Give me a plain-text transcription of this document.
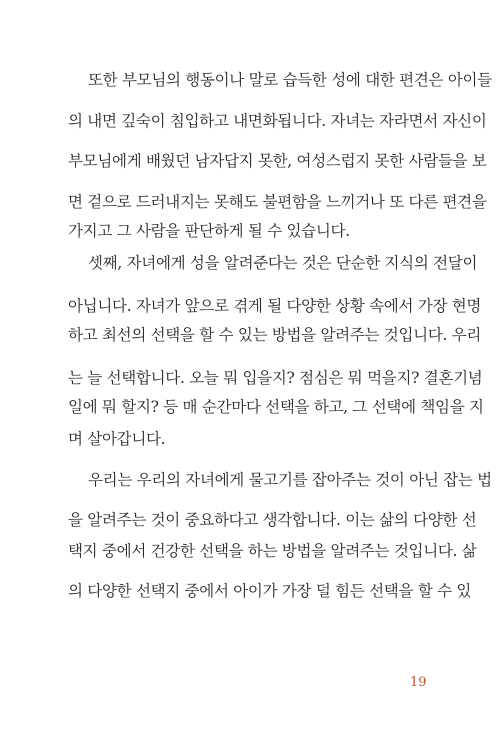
또한 부모님의 행동이나 말로 습득한 성에 대한 편견은 아이들
의 내면 깊숙이 침입하고 내면화됩니다. 자녀는 자라면서 자신이
부모님에게 배웠던 남자답지 못한, 여성스럽지 못한 사람들을 보
면 겉으로 드러내지는 못해도 불편함을 느끼거나 또 다른 편견을
가지고 그 사람을 판단하게 될 수 있습니다.
셋째, 자녀에게 성을 알려준다는 것은 단순한 지식의 전달이
아닙니다. 자녀가 앞으로 겪게 될 다양한 상황 속에서 가장 현명
하고 최선의 선택을 할 수 있는 방법을 알려주는 것입니다. 우리
는 늘 선택합니다. 오늘 뭐 입을지? 점심은 뭐 먹을지? 결혼기념
일에 뭐 할지? 등 매 순간마다 선택을 하고, 그 선택에 책임을 지
며 살아갑니다.
우리는 우리의 자녀에게 물고기를 잡아주는 것이 아닌 잡는 법
을 알려주는 것이 중요하다고 생각합니다. 이는 삶의 다양한 선
택지 중에서 건강한 선택을 하는 방법을 알려주는 것입니다. 삶
의 다양한 선택지 중에서 아이가 가장 덜 힘든 선택을 할 수 있
19
